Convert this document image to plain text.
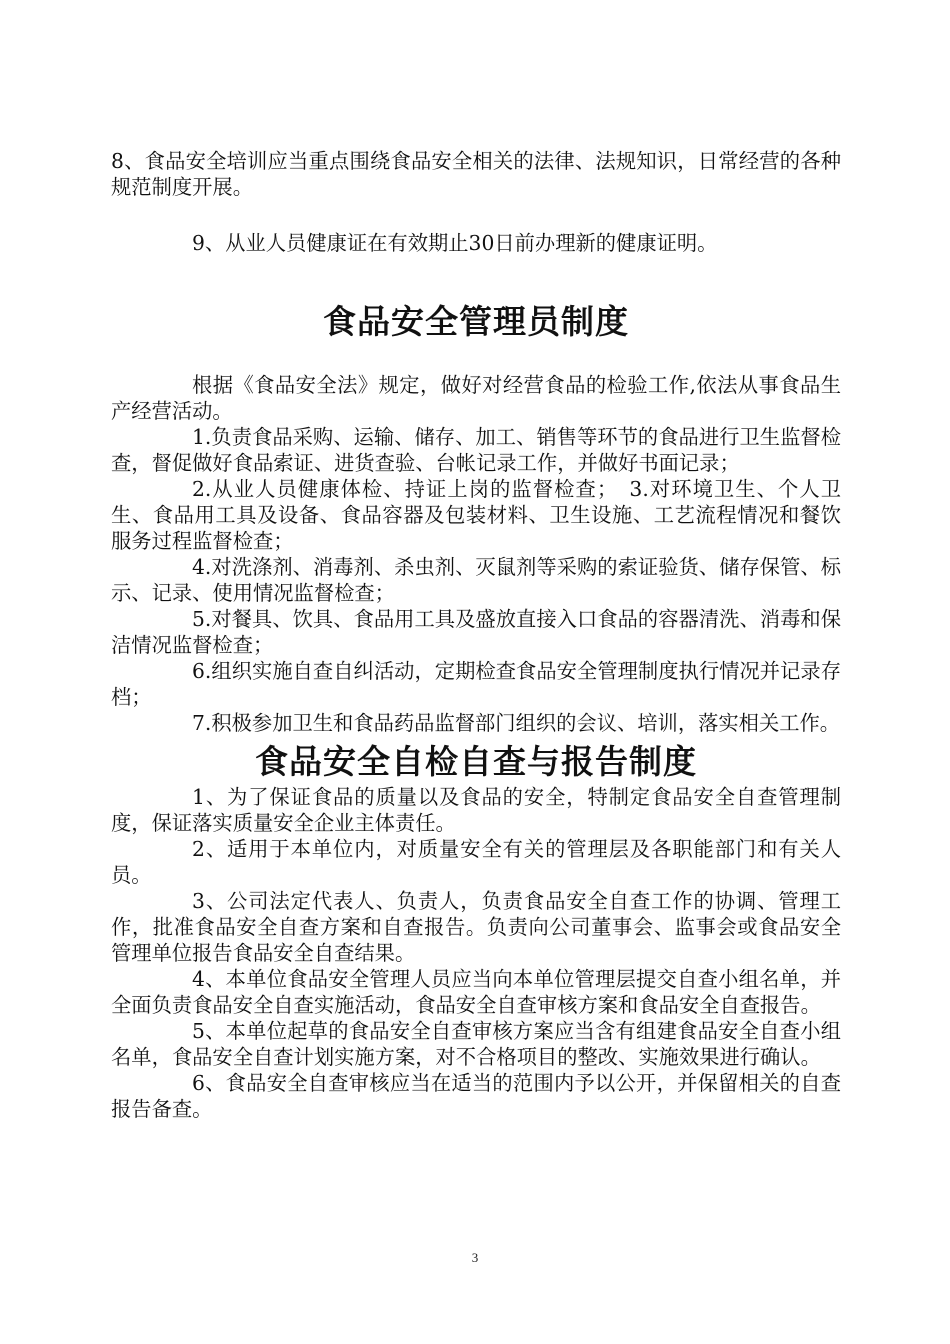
8、食品安全培训应当重点围绕食品安全相关的法律、法规知识，日常经营的各种规范制度开展。

9、从业人员健康证在有效期止30日前办理新的健康证明。

食品安全管理员制度

根据《食品安全法》规定，做好对经营食品的检验工作,依法从事食品生产经营活动。

1.负责食品采购、运输、储存、加工、销售等环节的食品进行卫生监督检查，督促做好食品索证、进货查验、台帐记录工作，并做好书面记录；

2.从业人员健康体检、持证上岗的监督检查；　3.对环境卫生、个人卫生、食品用工具及设备、食品容器及包装材料、卫生设施、工艺流程情况和餐饮服务过程监督检查；

4.对洗涤剂、消毒剂、杀虫剂、灭鼠剂等采购的索证验货、储存保管、标示、记录、使用情况监督检查；

5.对餐具、饮具、食品用工具及盛放直接入口食品的容器清洗、消毒和保洁情况监督检查；

6.组织实施自查自纠活动，定期检查食品安全管理制度执行情况并记录存档；

7.积极参加卫生和食品药品监督部门组织的会议、培训，落实相关工作。

食品安全自检自查与报告制度

1、为了保证食品的质量以及食品的安全，特制定食品安全自查管理制度，保证落实质量安全企业主体责任。

2、适用于本单位内，对质量安全有关的管理层及各职能部门和有关人员。

3、公司法定代表人、负责人，负责食品安全自查工作的协调、管理工作，批准食品安全自查方案和自查报告。负责向公司董事会、监事会或食品安全管理单位报告食品安全自查结果。

4、本单位食品安全管理人员应当向本单位管理层提交自查小组名单，并全面负责食品安全自查实施活动，食品安全自查审核方案和食品安全自查报告。

5、本单位起草的食品安全自查审核方案应当含有组建食品安全自查小组名单，食品安全自查计划实施方案，对不合格项目的整改、实施效果进行确认。

6、食品安全自查审核应当在适当的范围内予以公开，并保留相关的自查报告备查。

3
